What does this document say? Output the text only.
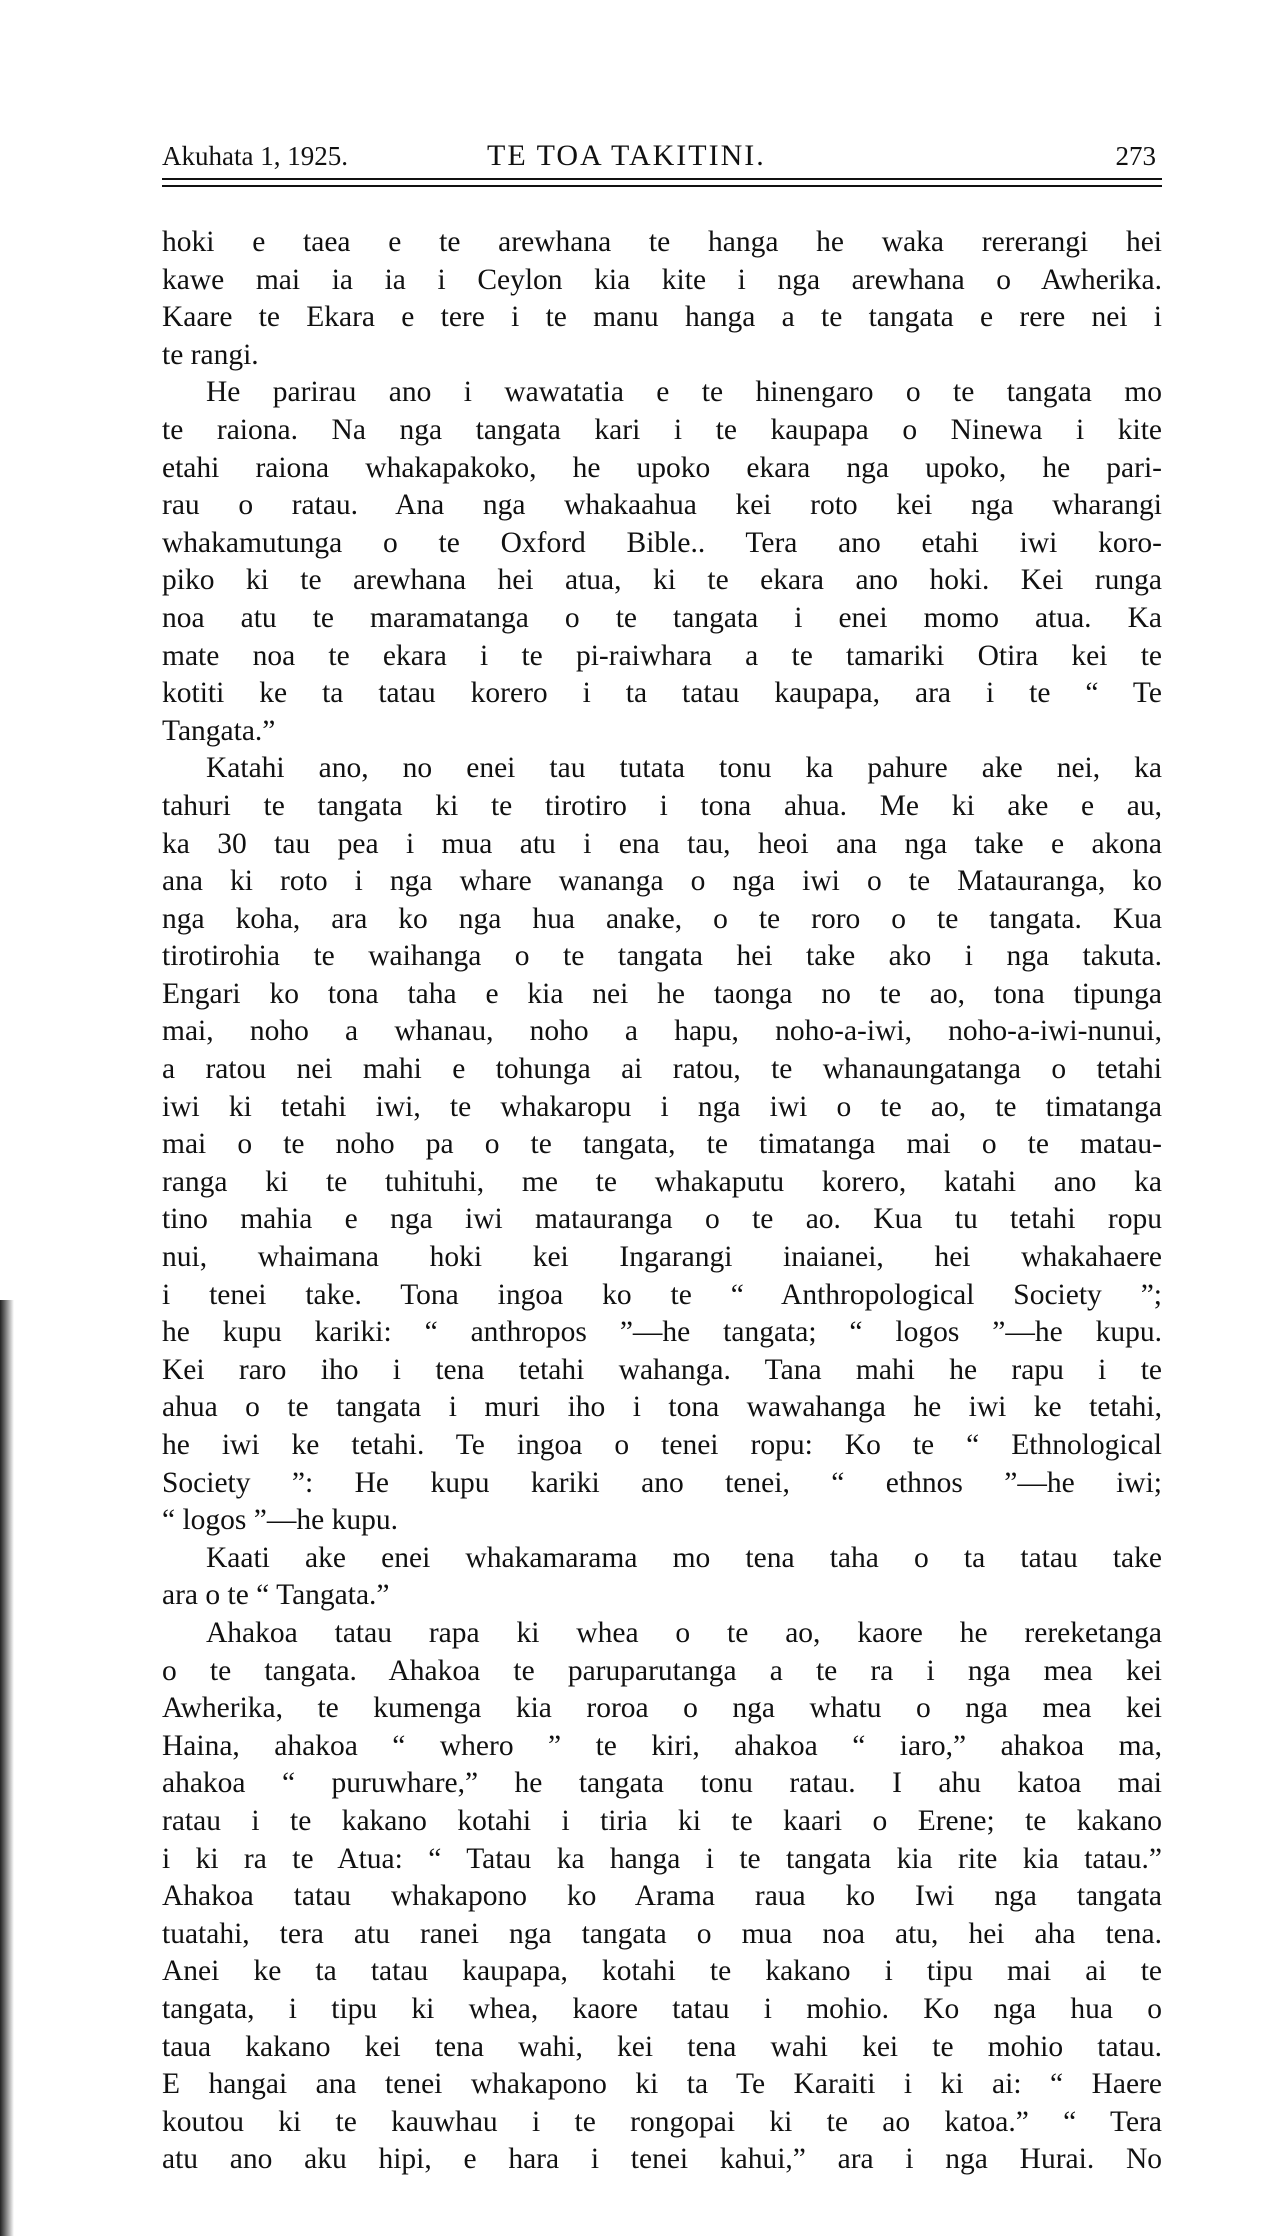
Akuhata 1, 1925.	TE TOA TAKITINI.	273
hoki e taea e te arewhana te hanga he waka rererangi hei
kawe mai ia ia i Ceylon kia kite i nga arewhana o Awherika.
Kaare te Ekara e tere i te manu hanga a te tangata e rere nei i
te rangi.
He parirau ano i wawatatia e te hinengaro o te tangata mo
te raiona. Na nga tangata kari i te kaupapa o Ninewa i kite
etahi raiona whakapakoko, he upoko ekara nga upoko, he pari-
rau o ratau. Ana nga whakaahua kei roto kei nga wharangi
whakamutunga o te Oxford Bible.. Tera ano etahi iwi koro-
piko ki te arewhana hei atua, ki te ekara ano hoki. Kei runga
noa atu te maramatanga o te tangata i enei momo atua. Ka
mate noa te ekara i te pi-raiwhara a te tamariki Otira kei te
kotiti ke ta tatau korero i ta tatau kaupapa, ara i te “ Te
Tangata.”
Katahi ano, no enei tau tutata tonu ka pahure ake nei, ka
tahuri te tangata ki te tirotiro i tona ahua. Me ki ake e au,
ka 30 tau pea i mua atu i ena tau, heoi ana nga take e akona
ana ki roto i nga whare wananga o nga iwi o te Matauranga, ko
nga koha, ara ko nga hua anake, o te roro o te tangata. Kua
tirotirohia te waihanga o te tangata hei take ako i nga takuta.
Engari ko tona taha e kia nei he taonga no te ao, tona tipunga
mai, noho a whanau, noho a hapu, noho-a-iwi, noho-a-iwi-nunui,
a ratou nei mahi e tohunga ai ratou, te whanaungatanga o tetahi
iwi ki tetahi iwi, te whakaropu i nga iwi o te ao, te timatanga
mai o te noho pa o te tangata, te timatanga mai o te matau-
ranga ki te tuhituhi, me te whakaputu korero, katahi ano ka
tino mahia e nga iwi matauranga o te ao. Kua tu tetahi ropu
nui, whaimana hoki kei Ingarangi inaianei, hei whakahaere
i tenei take. Tona ingoa ko te “ Anthropological Society ”;
he kupu kariki: “ anthropos ”—he tangata; “ logos ”—he kupu.
Kei raro iho i tena tetahi wahanga. Tana mahi he rapu i te
ahua o te tangata i muri iho i tona wawahanga he iwi ke tetahi,
he iwi ke tetahi. Te ingoa o tenei ropu: Ko te “ Ethnological
Society ”: He kupu kariki ano tenei, “ ethnos ”—he iwi;
“ logos ”—he kupu.
Kaati ake enei whakamarama mo tena taha o ta tatau take
ara o te “ Tangata.”
Ahakoa tatau rapa ki whea o te ao, kaore he rereketanga
o te tangata. Ahakoa te paruparutanga a te ra i nga mea kei
Awherika, te kumenga kia roroa o nga whatu o nga mea kei
Haina, ahakoa “ whero ” te kiri, ahakoa “ iaro,” ahakoa ma,
ahakoa “ puruwhare,” he tangata tonu ratau. I ahu katoa mai
ratau i te kakano kotahi i tiria ki te kaari o Erene; te kakano
i ki ra te Atua: “ Tatau ka hanga i te tangata kia rite kia tatau.”
Ahakoa tatau whakapono ko Arama raua ko Iwi nga tangata
tuatahi, tera atu ranei nga tangata o mua noa atu, hei aha tena.
Anei ke ta tatau kaupapa, kotahi te kakano i tipu mai ai te
tangata, i tipu ki whea, kaore tatau i mohio. Ko nga hua o
taua kakano kei tena wahi, kei tena wahi kei te mohio tatau.
E hangai ana tenei whakapono ki ta Te Karaiti i ki ai: “ Haere
koutou ki te kauwhau i te rongopai ki te ao katoa.” “ Tera
atu ano aku hipi, e hara i tenei kahui,” ara i nga Hurai. No
